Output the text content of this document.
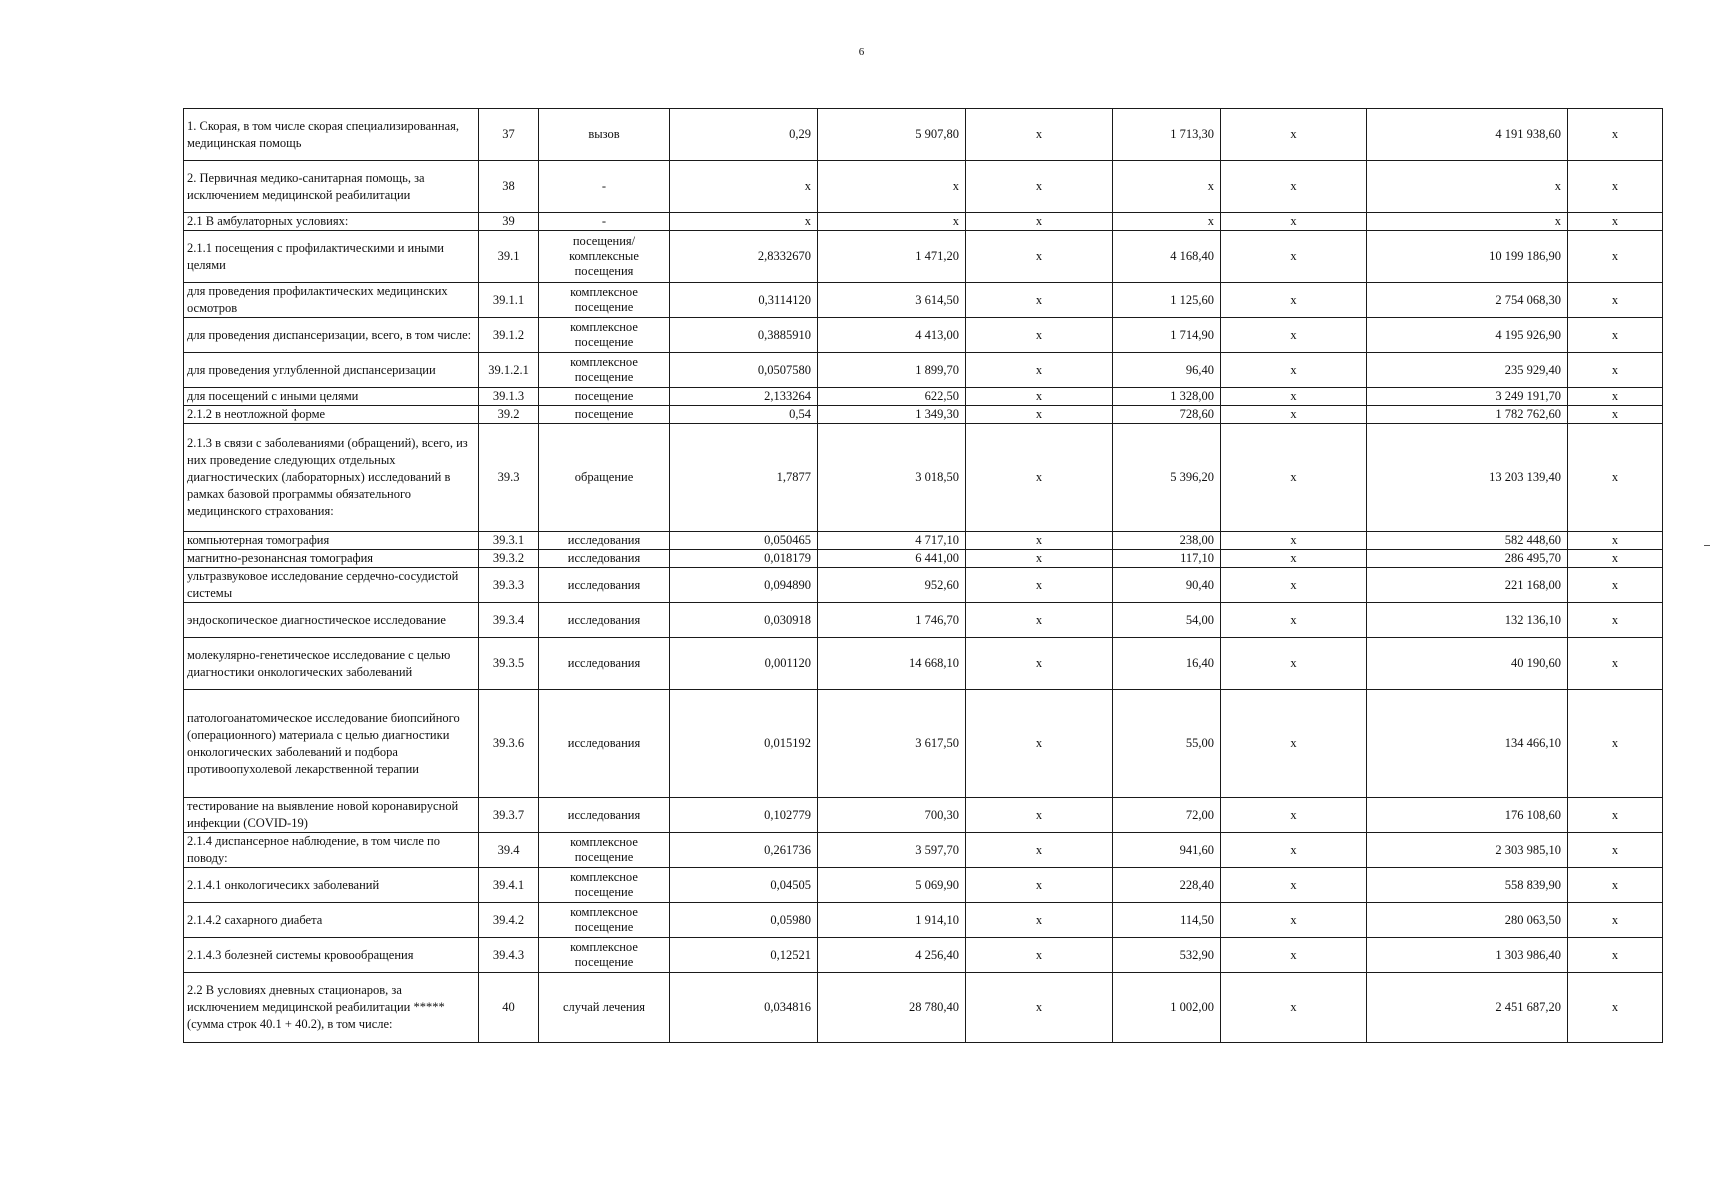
6
1. Скорая, в том числе скорая специализированная, медицинская помощь	37	вызов	0,29	5 907,80	x	1 713,30	x	4 191 938,60	x
2. Первичная медико-санитарная помощь, за исключением медицинской реабилитации	38	-	x	x	x	x	x	x	x
2.1 В амбулаторных условиях:	39	-	x	x	x	x	x	x	x
2.1.1 посещения с профилактическими и иными целями	39.1	посещения/комплексные посещения	2,8332670	1 471,20	x	4 168,40	x	10 199 186,90	x
для проведения профилактических медицинских осмотров	39.1.1	комплексное посещение	0,3114120	3 614,50	x	1 125,60	x	2 754 068,30	x
для проведения диспансеризации, всего, в том числе:	39.1.2	комплексное посещение	0,3885910	4 413,00	x	1 714,90	x	4 195 926,90	x
для проведения углубленной диспансеризации	39.1.2.1	комплексное посещение	0,0507580	1 899,70	x	96,40	x	235 929,40	x
для посещений с иными целями	39.1.3	посещение	2,133264	622,50	x	1 328,00	x	3 249 191,70	x
2.1.2 в неотложной форме	39.2	посещение	0,54	1 349,30	x	728,60	x	1 782 762,60	x
2.1.3 в связи с заболеваниями (обращений), всего, из них проведение следующих отдельных диагностических (лабораторных) исследований в рамках базовой программы обязательного медицинского страхования:	39.3	обращение	1,7877	3 018,50	x	5 396,20	x	13 203 139,40	x
компьютерная томография	39.3.1	исследования	0,050465	4 717,10	x	238,00	x	582 448,60	x
магнитно-резонансная томография	39.3.2	исследования	0,018179	6 441,00	x	117,10	x	286 495,70	x
ультразвуковое исследование сердечно-сосудистой системы	39.3.3	исследования	0,094890	952,60	x	90,40	x	221 168,00	x
эндоскопическое диагностическое исследование	39.3.4	исследования	0,030918	1 746,70	x	54,00	x	132 136,10	x
молекулярно-генетическое исследование с целью диагностики онкологических заболеваний	39.3.5	исследования	0,001120	14 668,10	x	16,40	x	40 190,60	x
патологоанатомическое исследование биопсийного (операционного) материала с целью диагностики онкологических заболеваний и подбора противоопухолевой лекарственной терапии	39.3.6	исследования	0,015192	3 617,50	x	55,00	x	134 466,10	x
тестирование на выявление новой коронавирусной инфекции (COVID-19)	39.3.7	исследования	0,102779	700,30	x	72,00	x	176 108,60	x
2.1.4 диспансерное наблюдение, в том числе по поводу:	39.4	комплексное посещение	0,261736	3 597,70	x	941,60	x	2 303 985,10	x
2.1.4.1 онкологичесикх заболеваний	39.4.1	комплексное посещение	0,04505	5 069,90	x	228,40	x	558 839,90	x
2.1.4.2 сахарного диабета	39.4.2	комплексное посещение	0,05980	1 914,10	x	114,50	x	280 063,50	x
2.1.4.3 болезней системы кровообращения	39.4.3	комплексное посещение	0,12521	4 256,40	x	532,90	x	1 303 986,40	x
2.2 В условиях дневных стационаров, за исключением медицинской реабилитации ***** (сумма строк 40.1 + 40.2), в том числе:	40	случай лечения	0,034816	28 780,40	x	1 002,00	x	2 451 687,20	x
